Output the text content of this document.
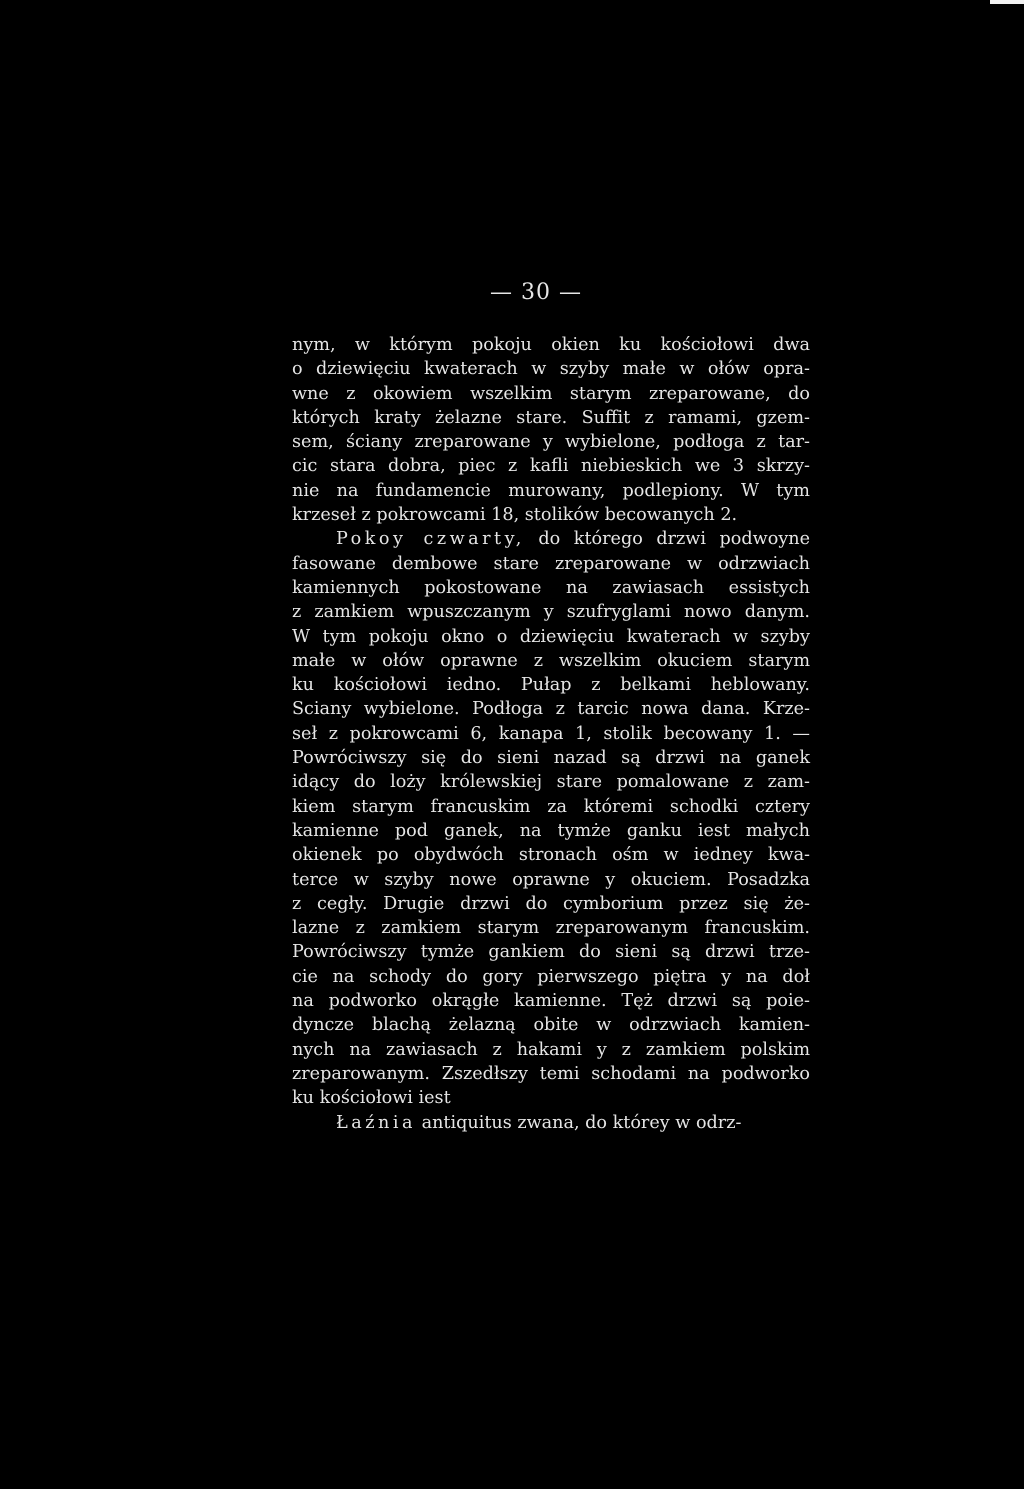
— 30 —
nym, w którym pokoju okien ku kościołowi dwa
o dziewięciu kwaterach w szyby małe w ołów opra-
wne z okowiem wszelkim starym zreparowane, do
których kraty żelazne stare. Suffit z ramami, gzem-
sem, ściany zreparowane y wybielone, podłoga z tar-
cic stara dobra, piec z kafli niebieskich we 3 skrzy-
nie na fundamencie murowany, podlepiony. W tym
krzeseł z pokrowcami 18, stolików becowanych 2.
Pokoy czwarty, do którego drzwi podwoyne
fasowane dembowe stare zreparowane w odrzwiach
kamiennych pokostowane na zawiasach essistych
z zamkiem wpuszczanym y szufryglami nowo danym.
W tym pokoju okno o dziewięciu kwaterach w szyby
małe w ołów oprawne z wszelkim okuciem starym
ku kościołowi iedno. Pułap z belkami heblowany.
Sciany wybielone. Podłoga z tarcic nowa dana. Krze-
seł z pokrowcami 6, kanapa 1, stolik becowany 1. —
Powróciwszy się do sieni nazad są drzwi na ganek
idący do loży królewskiej stare pomalowane z zam-
kiem starym francuskim za któremi schodki cztery
kamienne pod ganek, na tymże ganku iest małych
okienek po obydwóch stronach ośm w iedney kwa-
terce w szyby nowe oprawne y okuciem. Posadzka
z cegły. Drugie drzwi do cymborium przez się że-
lazne z zamkiem starym zreparowanym francuskim.
Powróciwszy tymże gankiem do sieni są drzwi trze-
cie na schody do gory pierwszego piętra y na doł
na podworko okrągłe kamienne. Tęż drzwi są poie-
dyncze blachą żelazną obite w odrzwiach kamien-
nych na zawiasach z hakami y z zamkiem polskim
zreparowanym. Zszedłszy temi schodami na podworko
ku kościołowi iest
Łaźnia antiquitus zwana, do którey w odrz-
